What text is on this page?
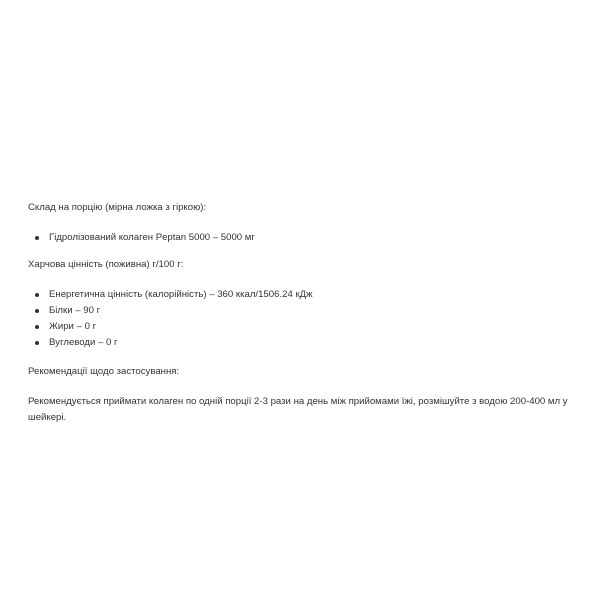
Склад на порцію (мірна ложка з гіркою):

Гідролізований колаген Peptan 5000 – 5000 мг

Харчова цінність (поживна) г/100 г:

Енергетична цінність (калорійність) – 360 ккал/1506.24 кДж
Білки – 90 г
Жири – 0 г
Вуглеводи – 0 г

Рекомендації щодо застосування:

Рекомендується приймати колаген по одній порції 2-3 рази на день між прийомами їжі, розмішуйте з водою 200-400 мл у шейкері.
